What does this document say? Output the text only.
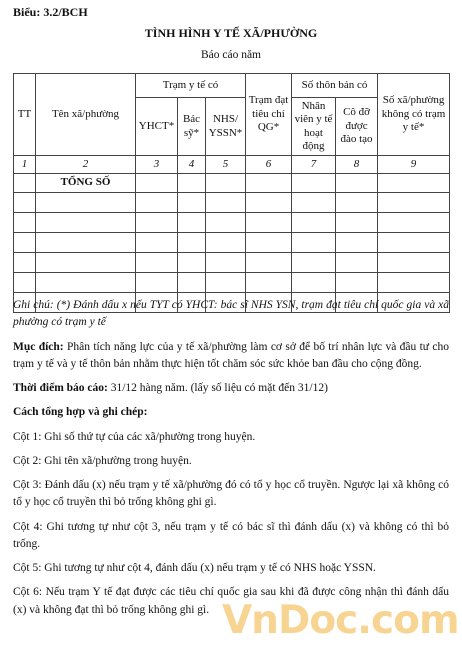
Biểu: 3.2/BCH
TÌNH HÌNH Y TẾ XÃ/PHƯỜNG
Báo cáo năm
TT	Tên xã/phường	Trạm y tế có			Trạm đạt tiêu chí QG*	Số thôn bản có		Số xã/phường không có trạm y tế*
		YHCT*	Bác sỹ*	NHS/ YSSN*		Nhân viên y tế hoạt động	Cô đỡ được đào tạo	
1	2	3	4	5	6	7	8	9
	TỔNG SỐ							

Ghi chú: (*) Đánh dấu x nếu TYT có YHCT: bác sĩ NHS YSN, trạm đạt tiêu chí quốc gia và xã phường có trạm y tế

Mục đích: Phân tích năng lực của y tế xã/phường làm cơ sở để bố trí nhân lực và đầu tư cho trạm y tế và y tế thôn bản nhằm thực hiện tốt chăm sóc sức khỏe ban đầu cho cộng đồng.

Thời điểm báo cáo: 31/12 hàng năm. (lấy số liệu có mặt đến 31/12)

Cách tổng hợp và ghi chép:

Cột 1: Ghi số thứ tự của các xã/phường trong huyện.

Cột 2: Ghi tên xã/phường trong huyện.

Cột 3: Đánh dấu (x) nếu trạm y tế xã/phường đó có tổ y học cổ truyền. Ngược lại xã không có tổ y học cổ truyền thì bỏ trống không ghi gì.

Cột 4: Ghi tương tự như cột 3, nếu trạm y tế có bác sĩ thì đánh dấu (x) và không có thì bỏ trống.

Cột 5: Ghi tương tự như cột 4, đánh dấu (x) nếu trạm y tế có NHS hoặc YSSN.

Cột 6: Nếu trạm Y tế đạt được các tiêu chí quốc gia sau khi đã được công nhận thì đánh dấu (x) và không đạt thì bỏ trống không ghi gì. VnDoc.com
